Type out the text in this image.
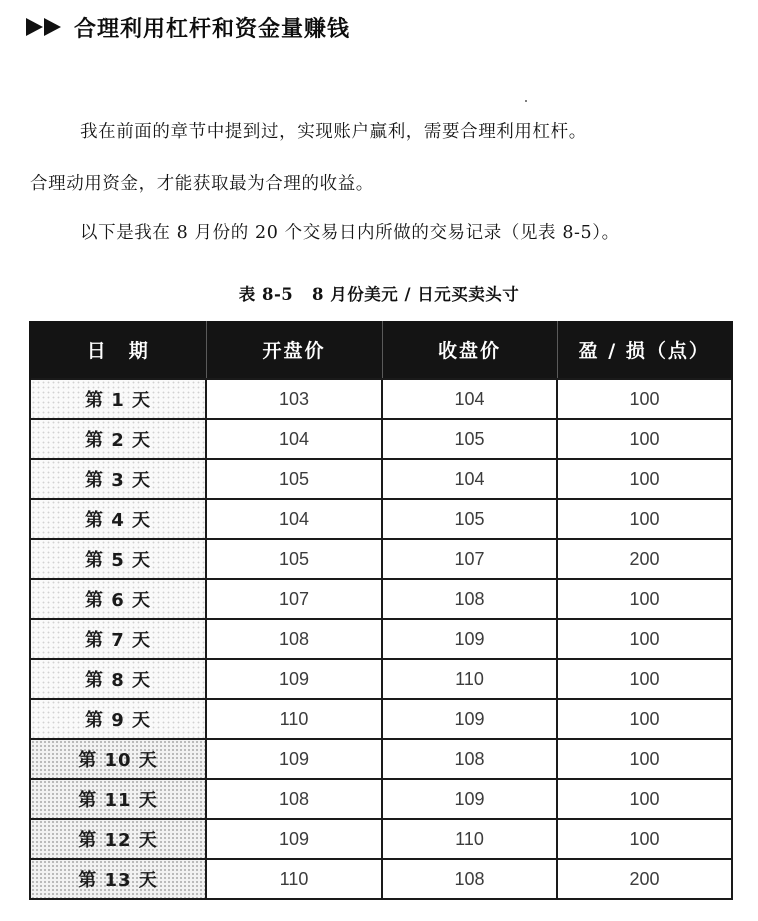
合理利用杠杆和资金量赚钱
我在前面的章节中提到过，实现账户赢利，需要合理利用杠杆。
合理动用资金，才能获取最为合理的收益。
以下是我在 8 月份的 20 个交易日内所做的交易记录（见表 8-5）。
表 8-5   8 月份美元 / 日元买卖头寸
日　期	开盘价	收盘价	盈 / 损（点）
第 1 天	103	104	100
第 2 天	104	105	100
第 3 天	105	104	100
第 4 天	104	105	100
第 5 天	105	107	200
第 6 天	107	108	100
第 7 天	108	109	100
第 8 天	109	110	100
第 9 天	110	109	100
第 10 天	109	108	100
第 11 天	108	109	100
第 12 天	109	110	100
第 13 天	110	108	200
